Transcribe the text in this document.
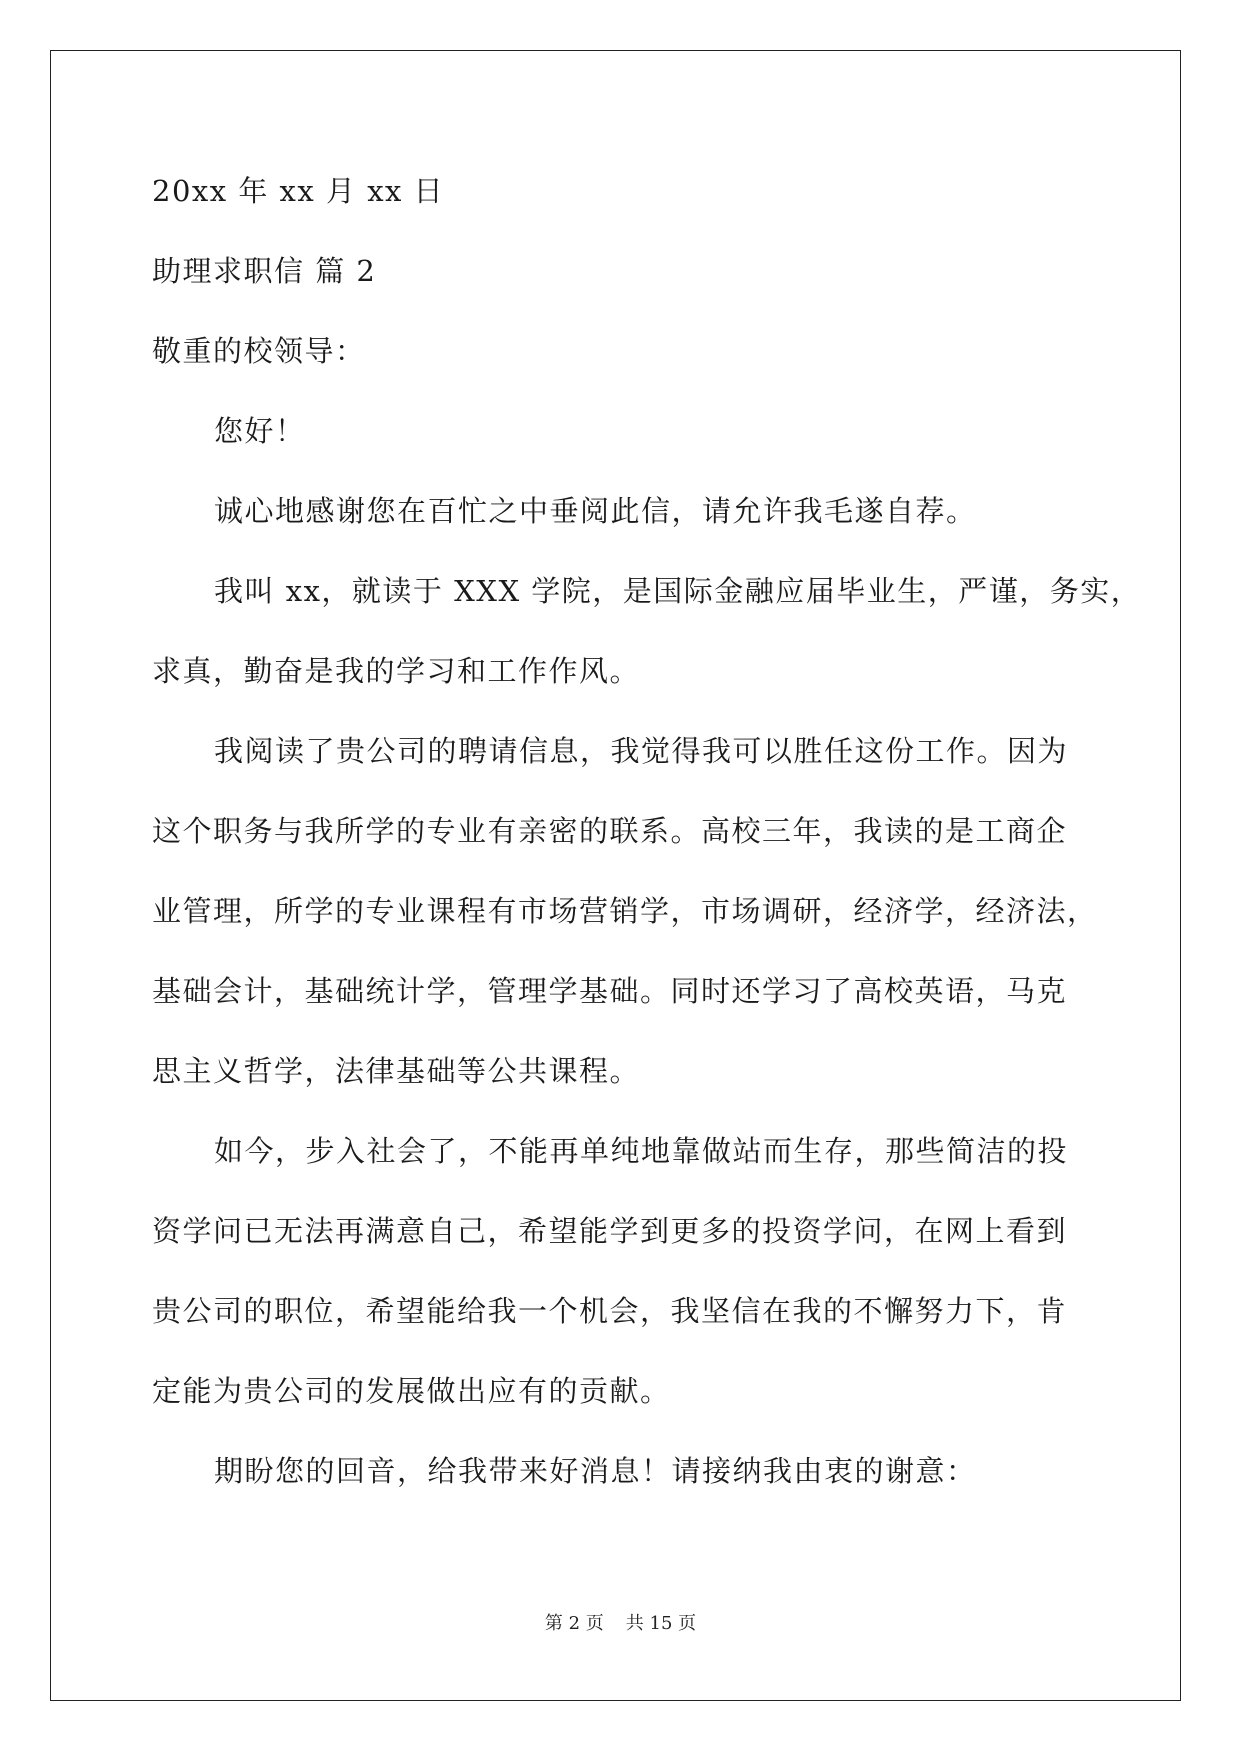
20xx 年 xx 月 xx 日
助理求职信 篇 2
敬重的校领导：
您好！
诚心地感谢您在百忙之中垂阅此信，请允许我毛遂自荐。
我叫 xx，就读于 XXX 学院，是国际金融应届毕业生，严谨，务实，
求真，勤奋是我的学习和工作作风。
我阅读了贵公司的聘请信息，我觉得我可以胜任这份工作。因为
这个职务与我所学的专业有亲密的联系。高校三年，我读的是工商企
业管理，所学的专业课程有市场营销学，市场调研，经济学，经济法，
基础会计，基础统计学，管理学基础。同时还学习了高校英语，马克
思主义哲学，法律基础等公共课程。
如今，步入社会了，不能再单纯地靠做站而生存，那些简洁的投
资学问已无法再满意自己，希望能学到更多的投资学问，在网上看到
贵公司的职位，希望能给我一个机会，我坚信在我的不懈努力下，肯
定能为贵公司的发展做出应有的贡献。
期盼您的回音，给我带来好消息！请接纳我由衷的谢意：
第 2 页 共 15 页
